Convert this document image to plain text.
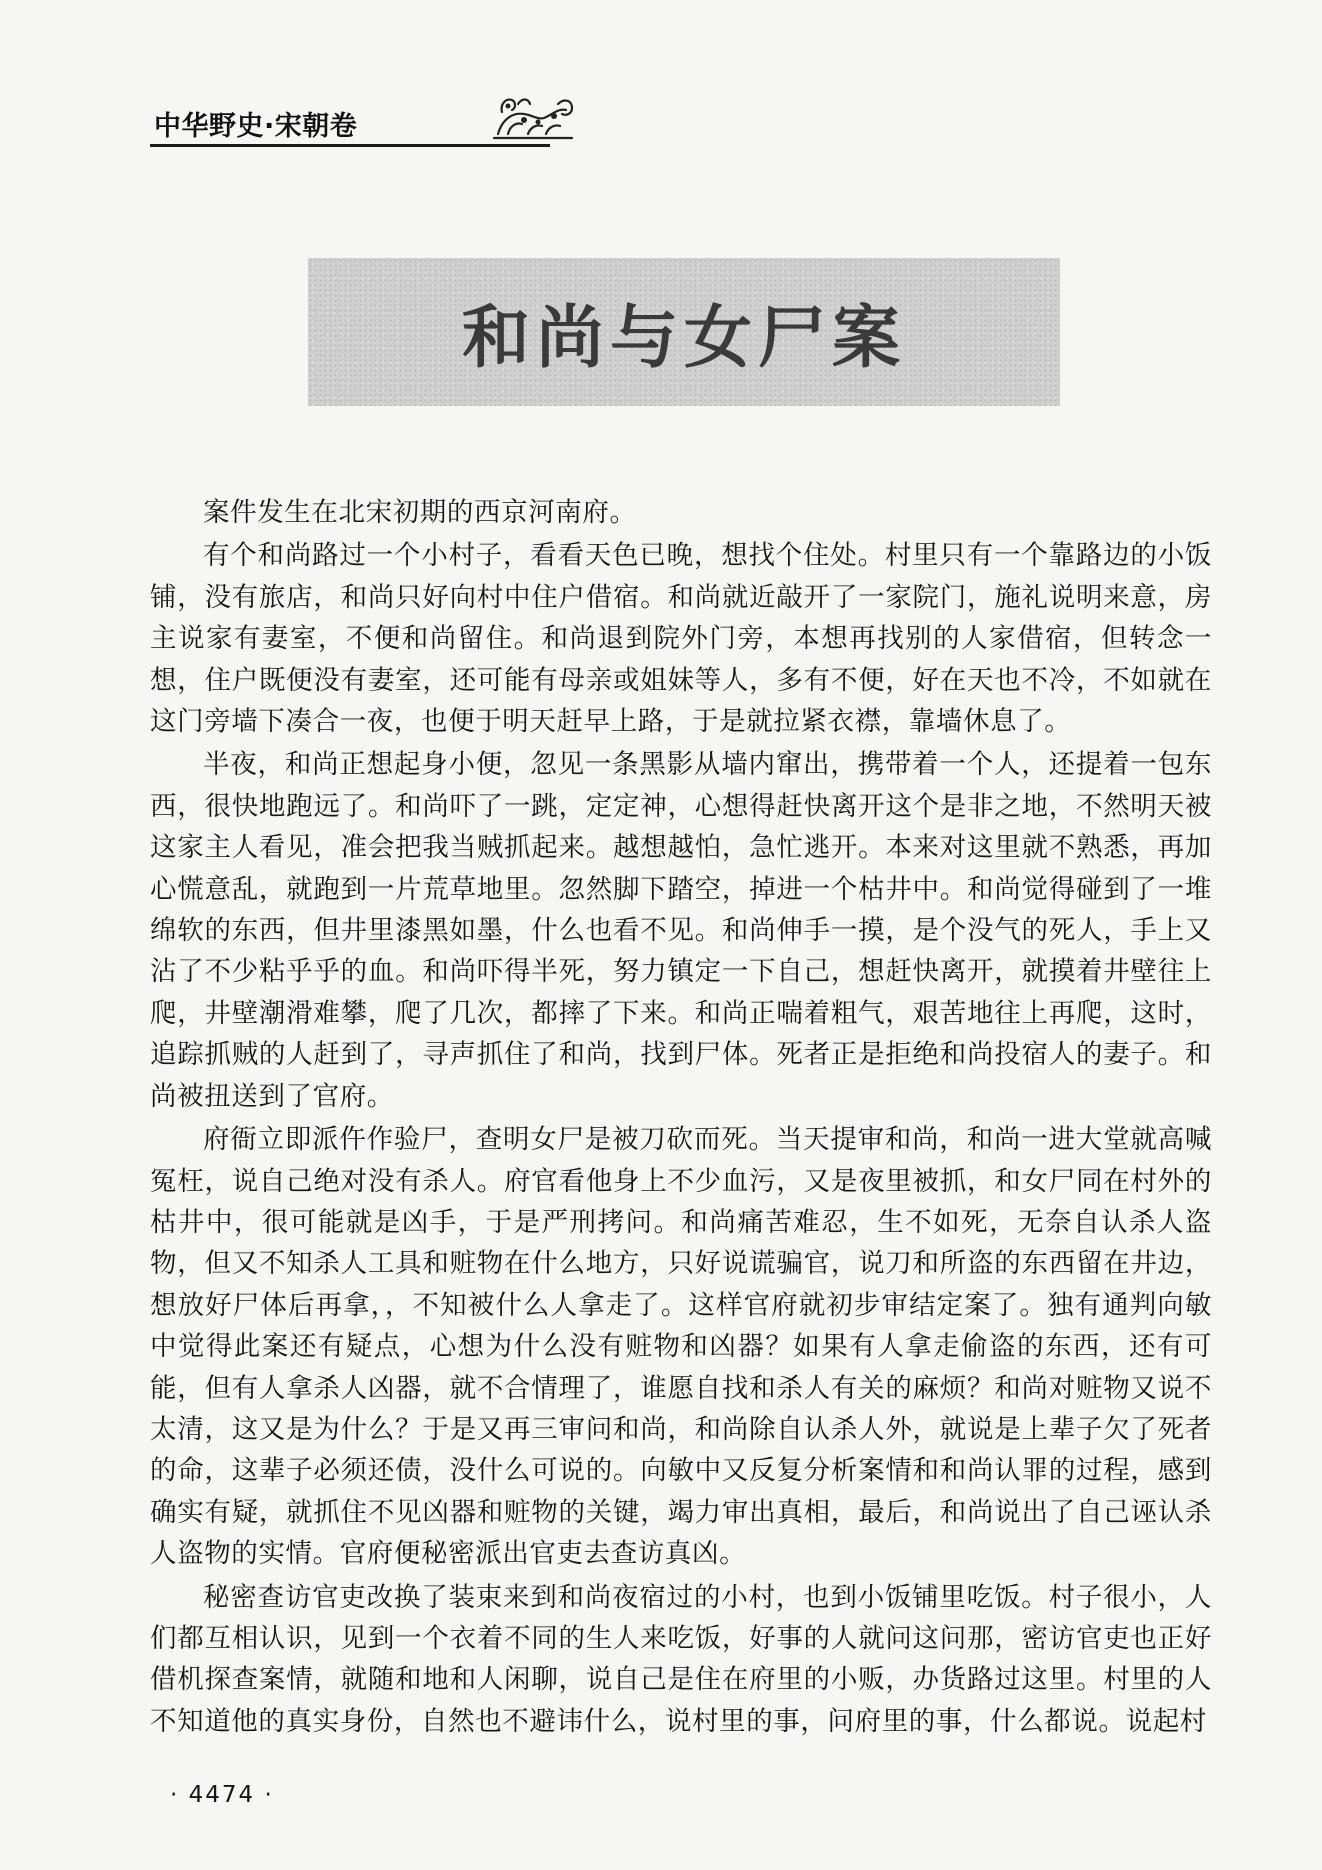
中华野史·宋朝卷
和尚与女尸案

案件发生在北宋初期的西京河南府。

有个和尚路过一个小村子，看看天色已晚，想找个住处。村里只有一个靠路边的小饭铺，没有旅店，和尚只好向村中住户借宿。和尚就近敲开了一家院门，施礼说明来意，房主说家有妻室，不便和尚留住。和尚退到院外门旁，本想再找别的人家借宿，但转念一想，住户既便没有妻室，还可能有母亲或姐妹等人，多有不便，好在天也不冷，不如就在这门旁墙下凑合一夜，也便于明天赶早上路，于是就拉紧衣襟，靠墙休息了。

半夜，和尚正想起身小便，忽见一条黑影从墙内窜出，携带着一个人，还提着一包东西，很快地跑远了。和尚吓了一跳，定定神，心想得赶快离开这个是非之地，不然明天被这家主人看见，准会把我当贼抓起来。越想越怕，急忙逃开。本来对这里就不熟悉，再加心慌意乱，就跑到一片荒草地里。忽然脚下踏空，掉进一个枯井中。和尚觉得碰到了一堆绵软的东西，但井里漆黑如墨，什么也看不见。和尚伸手一摸，是个没气的死人，手上又沾了不少粘乎乎的血。和尚吓得半死，努力镇定一下自己，想赶快离开，就摸着井壁往上爬，井壁潮滑难攀，爬了几次，都摔了下来。和尚正喘着粗气，艰苦地往上再爬，这时，追踪抓贼的人赶到了，寻声抓住了和尚，找到尸体。死者正是拒绝和尚投宿人的妻子。和尚被扭送到了官府。

府衙立即派仵作验尸，查明女尸是被刀砍而死。当天提审和尚，和尚一进大堂就高喊冤枉，说自己绝对没有杀人。府官看他身上不少血污，又是夜里被抓，和女尸同在村外的枯井中，很可能就是凶手，于是严刑拷问。和尚痛苦难忍，生不如死，无奈自认杀人盗物，但又不知杀人工具和赃物在什么地方，只好说谎骗官，说刀和所盗的东西留在井边，想放好尸体后再拿，，不知被什么人拿走了。这样官府就初步审结定案了。独有通判向敏中觉得此案还有疑点，心想为什么没有赃物和凶器？如果有人拿走偷盗的东西，还有可能，但有人拿杀人凶器，就不合情理了，谁愿自找和杀人有关的麻烦？和尚对赃物又说不太清，这又是为什么？于是又再三审问和尚，和尚除自认杀人外，就说是上辈子欠了死者的命，这辈子必须还债，没什么可说的。向敏中又反复分析案情和和尚认罪的过程，感到确实有疑，就抓住不见凶器和赃物的关键，竭力审出真相，最后，和尚说出了自己诬认杀人盗物的实情。官府便秘密派出官吏去查访真凶。

秘密查访官吏改换了装束来到和尚夜宿过的小村，也到小饭铺里吃饭。村子很小，人们都互相认识，见到一个衣着不同的生人来吃饭，好事的人就问这问那，密访官吏也正好借机探查案情，就随和地和人闲聊，说自己是住在府里的小贩，办货路过这里。村里的人不知道他的真实身份，自然也不避讳什么，说村里的事，问府里的事，什么都说。说起村

· 4474 ·
